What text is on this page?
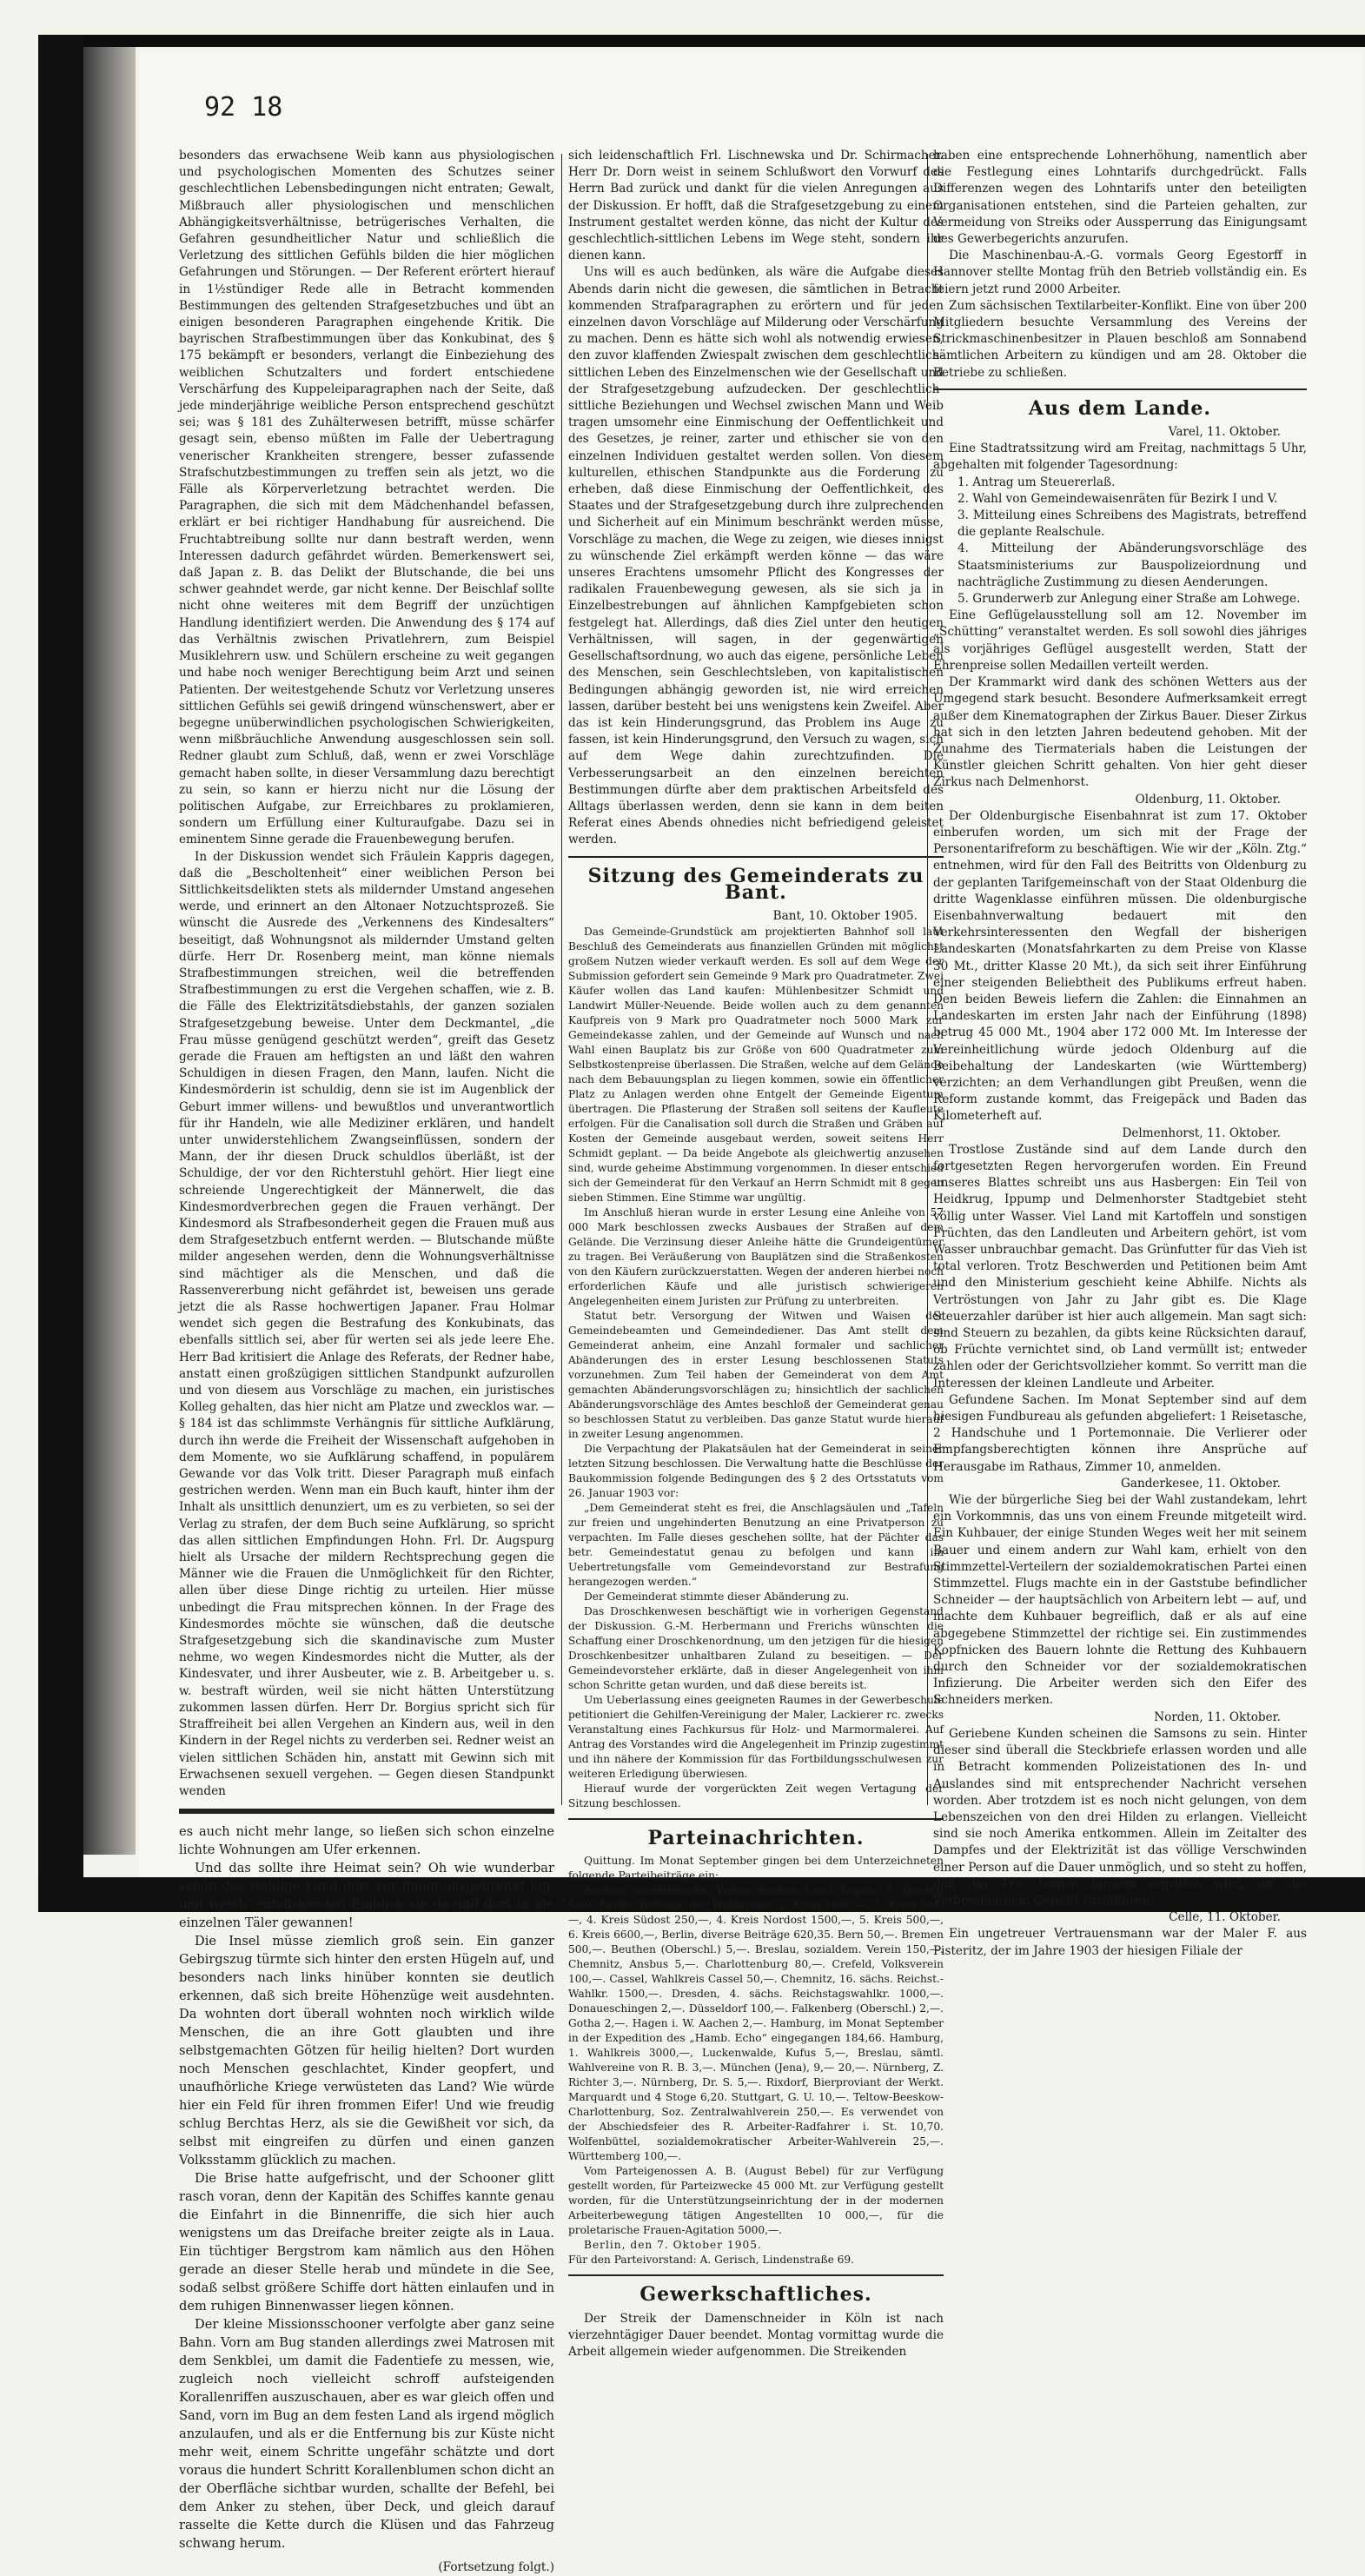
92 18

besonders das erwachsene Weib kann aus physiologischen und psychologischen Momenten des Schutzes seiner geschlechtlichen Lebensbedingungen nicht entraten; Gewalt, Mißbrauch aller physiologischen und menschlichen Abhängigkeitsverhältnisse, betrügerisches Verhalten, die Gefahren gesundheitlicher Natur und schließlich die Verletzung des sittlichen Gefühls bilden die hier möglichen Gefahrungen und Störungen. — Der Referent erörtert hierauf in 1½stündiger Rede alle in Betracht kommenden Bestimmungen des geltenden Strafgesetzbuches und übt an einigen besonderen Paragraphen eingehende Kritik. Die bayrischen Strafbestimmungen über das Konkubinat, des § 175 bekämpft er besonders, verlangt die Einbeziehung des weiblichen Schutzalters und fordert entschiedene Verschärfung des Kuppeleiparagraphen nach der Seite, daß jede minderjährige weibliche Person entsprechend geschützt sei; was § 181 des Zuhälterwesen betrifft, müsse schärfer gesagt sein, ebenso müßten im Falle der Uebertragung venerischer Krankheiten strengere, besser zufassende Strafschutzbestimmungen zu treffen sein als jetzt, wo die Fälle als Körperverletzung betrachtet werden. Die Paragraphen, die sich mit dem Mädchenhandel befassen, erklärt er bei richtiger Handhabung für ausreichend. Die Fruchtabtreibung sollte nur dann bestraft werden, wenn Interessen dadurch gefährdet würden. Bemerkenswert sei, daß Japan z. B. das Delikt der Blutschande, die bei uns schwer geahndet werde, gar nicht kenne. Der Beischlaf sollte nicht ohne weiteres mit dem Begriff der unzüchtigen Handlung identifiziert werden. Die Anwendung des § 174 auf das Verhältnis zwischen Privatlehrern, zum Beispiel Musiklehrern usw. und Schülern erscheine zu weit gegangen und habe noch weniger Berechtigung beim Arzt und seinen Patienten. Der weitestgehende Schutz vor Verletzung unseres sittlichen Gefühls sei gewiß dringend wünschenswert, aber er begegne unüberwindlichen psychologischen Schwierigkeiten, wenn mißbräuchliche Anwendung ausgeschlossen sein soll. Redner glaubt zum Schluß, daß, wenn er zwei Vorschläge gemacht haben sollte, in dieser Versammlung dazu berechtigt zu sein, so kann er hierzu nicht nur die Lösung der politischen Aufgabe, zur Erreichbares zu proklamieren, sondern um Erfüllung einer Kulturaufgabe. Dazu sei in eminentem Sinne gerade die Frauenbewegung berufen.

In der Diskussion wendet sich Fräulein Kappris dagegen, daß die „Bescholtenheit“ einer weiblichen Person bei Sittlichkeitsdelikten stets als mildernder Umstand angesehen werde, und erinnert an den Altonaer Notzuchtsprozeß. Sie wünscht die Ausrede des „Verkennens des Kindesalters“ beseitigt, daß Wohnungsnot als mildernder Umstand gelten dürfe. Herr Dr. Rosenberg meint, man könne niemals Strafbestimmungen streichen, weil die betreffenden Strafbestimmungen zu erst die Vergehen schaffen, wie z. B. die Fälle des Elektrizitätsdiebstahls, der ganzen sozialen Strafgesetzgebung beweise. Unter dem Deckmantel, „die Frau müsse genügend geschützt werden“, greift das Gesetz gerade die Frauen am heftigsten an und läßt den wahren Schuldigen in diesen Fragen, den Mann, laufen. Nicht die Kindesmörderin ist schuldig, denn sie ist im Augenblick der Geburt immer willens- und bewußtlos und unverantwortlich für ihr Handeln, wie alle Mediziner erklären, und handelt unter unwiderstehlichem Zwangseinflüssen, sondern der Mann, der ihr diesen Druck schuldlos überläßt, ist der Schuldige, der vor den Richterstuhl gehört. Hier liegt eine schreiende Ungerechtigkeit der Männerwelt, die das Kindesmordverbrechen gegen die Frauen verhängt. Der Kindesmord als Strafbesonderheit gegen die Frauen muß aus dem Strafgesetzbuch entfernt werden. — Blutschande müßte milder angesehen werden, denn die Wohnungsverhältnisse sind mächtiger als die Menschen, und daß die Rassenvererbung nicht gefährdet ist, beweisen uns gerade jetzt die als Rasse hochwertigen Japaner. Frau Holmar wendet sich gegen die Bestrafung des Konkubinats, das ebenfalls sittlich sei, aber für werten sei als jede leere Ehe. Herr Bad kritisiert die Anlage des Referats, der Redner habe, anstatt einen großzügigen sittlichen Standpunkt aufzurollen und von diesem aus Vorschläge zu machen, ein juristisches Kolleg gehalten, das hier nicht am Platze und zwecklos war. — § 184 ist das schlimmste Verhängnis für sittliche Aufklärung, durch ihn werde die Freiheit der Wissenschaft aufgehoben in dem Momente, wo sie Aufklärung schaffend, in populärem Gewande vor das Volk tritt. Dieser Paragraph muß einfach gestrichen werden. Wenn man ein Buch kauft, hinter ihm der Inhalt als unsittlich denunziert, um es zu verbieten, so sei der Verlag zu strafen, der dem Buch seine Aufklärung, so spricht das allen sittlichen Empfindungen Hohn. Frl. Dr. Augspurg hielt als Ursache der mildern Rechtsprechung gegen die Männer wie die Frauen die Unmöglichkeit für den Richter, allen über diese Dinge richtig zu urteilen. Hier müsse unbedingt die Frau mitsprechen können. In der Frage des Kindesmordes möchte sie wünschen, daß die deutsche Strafgesetzgebung sich die skandinavische zum Muster nehme, wo wegen Kindesmordes nicht die Mutter, als der Kindesvater, und ihrer Ausbeuter, wie z. B. Arbeitgeber u. s. w. bestraft würden, weil sie nicht hätten Unterstützung zukommen lassen dürfen. Herr Dr. Borgius spricht sich für Straffreiheit bei allen Vergehen an Kindern aus, weil in den Kindern in der Regel nichts zu verderben sei. Redner weist an vielen sittlichen Schäden hin, anstatt mit Gewinn sich mit Erwachsenen sexuell vergehen. — Gegen diesen Standpunkt wenden

es auch nicht mehr lange, so ließen sich schon einzelne lichte Wohnungen am Ufer erkennen.

Und das sollte ihre Heimat sein? Oh wie wunderbar schön das waldige Land dort vor ihnen ausgebreitet lag, und welch' entzückenden Einblick sie da und dort in die einzelnen Täler gewannen!

Die Insel müsse ziemlich groß sein. Ein ganzer Gebirgszug türmte sich hinter den ersten Hügeln auf, und besonders nach links hinüber konnten sie deutlich erkennen, daß sich breite Höhenzüge weit ausdehnten. Da wohnten dort überall wohnten noch wirklich wilde Menschen, die an ihre Gott glaubten und ihre selbstgemachten Götzen für heilig hielten? Dort wurden noch Menschen geschlachtet, Kinder geopfert, und unaufhörliche Kriege verwüsteten das Land? Wie würde hier ein Feld für ihren frommen Eifer! Und wie freudig schlug Berchtas Herz, als sie die Gewißheit vor sich, da selbst mit eingreifen zu dürfen und einen ganzen Volksstamm glücklich zu machen.

Die Brise hatte aufgefrischt, und der Schooner glitt rasch voran, denn der Kapitän des Schiffes kannte genau die Einfahrt in die Binnenriffe, die sich hier auch wenigstens um das Dreifache breiter zeigte als in Laua. Ein tüchtiger Bergstrom kam nämlich aus den Höhen gerade an dieser Stelle herab und mündete in die See, sodaß selbst größere Schiffe dort hätten einlaufen und in dem ruhigen Binnenwasser liegen können.

Der kleine Missionsschooner verfolgte aber ganz seine Bahn. Vorn am Bug standen allerdings zwei Matrosen mit dem Senkblei, um damit die Fadentiefe zu messen, wie, zugleich noch vielleicht schroff aufsteigenden Korallenriffen auszuschauen, aber es war gleich offen und Sand, vorn im Bug an dem festen Land als irgend möglich anzulaufen, und als er die Entfernung bis zur Küste nicht mehr weit, einem Schritte ungefähr schätzte und dort voraus die hundert Schritt Korallenblumen schon dicht an der Oberfläche sichtbar wurden, schallte der Befehl, bei dem Anker zu stehen, über Deck, und gleich darauf rasselte die Kette durch die Klüsen und das Fahrzeug schwang herum.

(Fortsetzung folgt.)

sich leidenschaftlich Frl. Lischnewska und Dr. Schirmacher. Herr Dr. Dorn weist in seinem Schlußwort den Vorwurf des Herrn Bad zurück und dankt für die vielen Anregungen aus der Diskussion. Er hofft, daß die Strafgesetzgebung zu einem Instrument gestaltet werden könne, das nicht der Kultur des geschlechtlich-sittlichen Lebens im Wege steht, sondern ihr dienen kann.

Uns will es auch bedünken, als wäre die Aufgabe dieses Abends darin nicht die gewesen, die sämtlichen in Betracht kommenden Strafparagraphen zu erörtern und für jeden einzelnen davon Vorschläge auf Milderung oder Verschärfung zu machen. Denn es hätte sich wohl als notwendig erwiesen, den zuvor klaffenden Zwiespalt zwischen dem geschlechtlich-sittlichen Leben des Einzelmenschen wie der Gesellschaft und der Strafgesetzgebung aufzudecken. Der geschlechtlich-sittliche Beziehungen und Wechsel zwischen Mann und Weib tragen umsomehr eine Einmischung der Oeffentlichkeit und des Gesetzes, je reiner, zarter und ethischer sie von den einzelnen Individuen gestaltet werden sollen. Von diesem kulturellen, ethischen Standpunkte aus die Forderung zu erheben, daß diese Einmischung der Oeffentlichkeit, des Staates und der Strafgesetzgebung durch ihre zulprechenden und Sicherheit auf ein Minimum beschränkt werden müsse, Vorschläge zu machen, die Wege zu zeigen, wie dieses innigst zu wünschende Ziel erkämpft werden könne — das wäre unseres Erachtens umsomehr Pflicht des Kongresses der radikalen Frauenbewegung gewesen, als sie sich ja in Einzelbestrebungen auf ähnlichen Kampfgebieten schon festgelegt hat. Allerdings, daß dies Ziel unter den heutigen Verhältnissen, will sagen, in der gegenwärtigen Gesellschaftsordnung, wo auch das eigene, persönliche Leben des Menschen, sein Geschlechtsleben, von kapitalistischen Bedingungen abhängig geworden ist, nie wird erreichen lassen, darüber besteht bei uns wenigstens kein Zweifel. Aber das ist kein Hinderungsgrund, das Problem ins Auge zu fassen, ist kein Hinderungsgrund, den Versuch zu wagen, sich auf dem Wege dahin zurechtzufinden. Die Verbesserungsarbeit an den einzelnen bereichten Bestimmungen dürfte aber dem praktischen Arbeitsfeld des Alltags überlassen werden, denn sie kann in dem beiten Referat eines Abends ohnedies nicht befriedigend geleistet werden.

Sitzung des Gemeinderats zu Bant.
Bant, 10. Oktober 1905.

Das Gemeinde-Grundstück am projektierten Bahnhof soll laut Beschluß des Gemeinderats aus finanziellen Gründen mit möglichst großem Nutzen wieder verkauft werden. Es soll auf dem Wege der Submission gefordert sein Gemeinde 9 Mark pro Quadratmeter. Zwei Käufer wollen das Land kaufen: Mühlenbesitzer Schmidt und Landwirt Müller-Neuende. Beide wollen auch zu dem genannten Kaufpreis von 9 Mark pro Quadratmeter noch 5000 Mark zur Gemeindekasse zahlen, und der Gemeinde auf Wunsch und nach Wahl einen Bauplatz bis zur Größe von 600 Quadratmeter zum Selbstkostenpreise überlassen. Die Straßen, welche auf dem Gelände nach dem Bebauungsplan zu liegen kommen, sowie ein öffentlicher Platz zu Anlagen werden ohne Entgelt der Gemeinde Eigentum übertragen. Die Pflasterung der Straßen soll seitens der Kaufleute erfolgen. Für die Canalisation soll durch die Straßen und Gräben auf Kosten der Gemeinde ausgebaut werden, soweit seitens Herr Schmidt geplant. — Da beide Angebote als gleichwertig anzusehen sind, wurde geheime Abstimmung vorgenommen. In dieser entschied sich der Gemeinderat für den Verkauf an Herrn Schmidt mit 8 gegen sieben Stimmen. Eine Stimme war ungültig.

Im Anschluß hieran wurde in erster Lesung eine Anleihe von 57 000 Mark beschlossen zwecks Ausbaues der Straßen auf dem Gelände. Die Verzinsung dieser Anleihe hätte die Grundeigentümer zu tragen. Bei Veräußerung von Bauplätzen sind die Straßenkosten von den Käufern zurückzuerstatten. Wegen der anderen hierbei noch erforderlichen Käufe und alle juristisch schwierigeren Angelegenheiten einem Juristen zur Prüfung zu unterbreiten.

Statut betr. Versorgung der Witwen und Waisen der Gemeindebeamten und Gemeindediener. Das Amt stellt dem Gemeinderat anheim, eine Anzahl formaler und sachlicher Abänderungen des in erster Lesung beschlossenen Statuts vorzunehmen. Zum Teil haben der Gemeinderat von dem Amt gemachten Abänderungsvorschlägen zu; hinsichtlich der sachlichen Abänderungsvorschläge des Amtes beschloß der Gemeinderat genau so beschlossen Statut zu verbleiben. Das ganze Statut wurde hierauf in zweiter Lesung angenommen.

Die Verpachtung der Plakatsäulen hat der Gemeinderat in seiner letzten Sitzung beschlossen. Die Verwaltung hatte die Beschlüsse der Baukommission folgende Bedingungen des § 2 des Ortsstatuts vom 26. Januar 1903 vor:

„Dem Gemeinderat steht es frei, die Anschlagsäulen und „Tafeln zur freien und ungehinderten Benutzung an eine Privatperson zu verpachten. Im Falle dieses geschehen sollte, hat der Pächter das betr. Gemeindestatut genau zu befolgen und kann im Uebertretungsfalle vom Gemeindevorstand zur Bestrafung herangezogen werden.“

Der Gemeinderat stimmte dieser Abänderung zu.

Das Droschkenwesen beschäftigt wie in vorherigen Gegenstand der Diskussion. G.-M. Herbermann und Frerichs wünschten die Schaffung einer Droschkenordnung, um den jetzigen für die hiesigen Droschkenbesitzer unhaltbaren Zuland zu beseitigen. — Der Gemeindevorsteher erklärte, daß in dieser Angelegenheit von ihm schon Schritte getan wurden, und daß diese bereits ist.

Um Ueberlassung eines geeigneten Raumes in der Gewerbeschule petitioniert die Gehilfen-Vereinigung der Maler, Lackierer rc. zwecks Veranstaltung eines Fachkursus für Holz- und Marmormalerei. Auf Antrag des Vorstandes wird die Angelegenheit im Prinzip zugestimmt und ihn nähere der Kommission für das Fortbildungsschulwesen zur weiteren Erledigung überwiesen.

Hierauf wurde der vorgerückten Zeit wegen Vertagung der Sitzung beschlossen.

Parteinachrichten.

Quittung. Im Monat September gingen bei dem Unterzeichneten folgende Parteibeiträge ein:

Aachen, sozialdemokr. Verein Aachen Land Eupen, 3. Quartal 6,60. Berlin, Beiträge der Wahlkreise: 2. Kreis 1600,—, 3. Kreis 500,—, 4. Kreis Südost 250,—, 4. Kreis Nordost 1500,—, 5. Kreis 500,—, 6. Kreis 6600,—, Berlin, diverse Beiträge 620,35. Bern 50,—. Bremen 500,—. Beuthen (Oberschl.) 5,—. Breslau, sozialdem. Verein 150,—. Chemnitz, Ansbus 5,—. Charlottenburg 80,—. Crefeld, Volksverein 100,—. Cassel, Wahlkreis Cassel 50,—. Chemnitz, 16. sächs. Reichst.-Wahlkr. 1500,—. Dresden, 4. sächs. Reichstagswahlkr. 1000,—. Donaueschingen 2,—. Düsseldorf 100,—. Falkenberg (Oberschl.) 2,—. Gotha 2,—. Hagen i. W. Aachen 2,—. Hamburg, im Monat September in der Expedition des „Hamb. Echo“ eingegangen 184,66. Hamburg, 1. Wahlkreis 3000,—, Luckenwalde, Kufus 5,—, Breslau, sämtl. Wahlvereine von R. B. 3,—. München (Jena), 9,— 20,—. Nürnberg, Z. Richter 3,—. Nürnberg, Dr. S. 5,—. Rixdorf, Bierproviant der Werkt. Marquardt und 4 Stoge 6,20. Stuttgart, G. U. 10,—. Teltow-Beeskow-Charlottenburg, Soz. Zentralwahlverein 250,—. Es verwendet von der Abschiedsfeier des R. Arbeiter-Radfahrer i. St. 10,70. Wolfenbüttel, sozialdemokratischer Arbeiter-Wahlverein 25,—. Württemberg 100,—.

Vom Parteigenossen A. B. (August Bebel) für zur Verfügung gestellt worden, für Parteizwecke 45 000 Mt. zur Verfügung gestellt worden, für die Unterstützungseinrichtung der in der modernen Arbeiterbewegung tätigen Angestellten 10 000,—, für die proletarische Frauen-Agitation 5000,—.

Berlin, den 7. Oktober 1905.

Für den Parteivorstand: A. Gerisch, Lindenstraße 69.

Gewerkschaftliches.

Der Streik der Damenschneider in Köln ist nach vierzehntägiger Dauer beendet. Montag vormittag wurde die Arbeit allgemein wieder aufgenommen. Die Streikenden

haben eine entsprechende Lohnerhöhung, namentlich aber die Festlegung eines Lohntarifs durchgedrückt. Falls Differenzen wegen des Lohntarifs unter den beteiligten Organisationen entstehen, sind die Parteien gehalten, zur Vermeidung von Streiks oder Aussperrung das Einigungsamt des Gewerbegerichts anzurufen.

Die Maschinenbau-A.-G. vormals Georg Egestorff in Hannover stellte Montag früh den Betrieb vollständig ein. Es feiern jetzt rund 2000 Arbeiter.

Zum sächsischen Textilarbeiter-Konflikt. Eine von über 200 Mitgliedern besuchte Versammlung des Vereins der Strickmaschinenbesitzer in Plauen beschloß am Sonnabend sämtlichen Arbeitern zu kündigen und am 28. Oktober die Betriebe zu schließen.

Aus dem Lande.
Varel, 11. Oktober.

Eine Stadtratssitzung wird am Freitag, nachmittags 5 Uhr, abgehalten mit folgender Tagesordnung:

1. Antrag um Steuererlaß.
2. Wahl von Gemeindewaisenräten für Bezirk I und V.
3. Mitteilung eines Schreibens des Magistrats, betreffend die geplante Realschule.
4. Mitteilung der Abänderungsvorschläge des Staatsministeriums zur Bauspolizeiordnung und nachträgliche Zustimmung zu diesen Aenderungen.
5. Grunderwerb zur Anlegung einer Straße am Lohwege.

Eine Geflügelausstellung soll am 12. November im „Schütting“ veranstaltet werden. Es soll sowohl dies jähriges als vorjähriges Geflügel ausgestellt werden, Statt der Ehrenpreise sollen Medaillen verteilt werden.

Der Krammarkt wird dank des schönen Wetters aus der Umgegend stark besucht. Besondere Aufmerksamkeit erregt außer dem Kinematographen der Zirkus Bauer. Dieser Zirkus hat sich in den letzten Jahren bedeutend gehoben. Mit der Zunahme des Tiermaterials haben die Leistungen der Künstler gleichen Schritt gehalten. Von hier geht dieser Zirkus nach Delmenhorst.

Oldenburg, 11. Oktober.

Der Oldenburgische Eisenbahnrat ist zum 17. Oktober einberufen worden, um sich mit der Frage der Personentarifreform zu beschäftigen. Wie wir der „Köln. Ztg.“ entnehmen, wird für den Fall des Beitritts von Oldenburg zu der geplanten Tarifgemeinschaft von der Staat Oldenburg die dritte Wagenklasse einführen müssen. Die oldenburgische Eisenbahnverwaltung bedauert mit den Verkehrsinteressenten den Wegfall der bisherigen Landeskarten (Monatsfahrkarten zu dem Preise von Klasse 30 Mt., dritter Klasse 20 Mt.), da sich seit ihrer Einführung einer steigenden Beliebtheit des Publikums erfreut haben. Den beiden Beweis liefern die Zahlen: die Einnahmen an Landeskarten im ersten Jahr nach der Einführung (1898) betrug 45 000 Mt., 1904 aber 172 000 Mt. Im Interesse der Vereinheitlichung würde jedoch Oldenburg auf die Beibehaltung der Landeskarten (wie Württemberg) verzichten; an dem Verhandlungen gibt Preußen, wenn die Reform zustande kommt, das Freigepäck und Baden das Kilometerheft auf.

Delmenhorst, 11. Oktober.

Trostlose Zustände sind auf dem Lande durch den fortgesetzten Regen hervorgerufen worden. Ein Freund unseres Blattes schreibt uns aus Hasbergen: Ein Teil von Heidkrug, Ippump und Delmenhorster Stadtgebiet steht völlig unter Wasser. Viel Land mit Kartoffeln und sonstigen Früchten, das den Landleuten und Arbeitern gehört, ist vom Wasser unbrauchbar gemacht. Das Grünfutter für das Vieh ist total verloren. Trotz Beschwerden und Petitionen beim Amt und den Ministerium geschieht keine Abhilfe. Nichts als Vertröstungen von Jahr zu Jahr gibt es. Die Klage Steuerzahler darüber ist hier auch allgemein. Man sagt sich: sind Steuern zu bezahlen, da gibts keine Rücksichten darauf, ob Früchte vernichtet sind, ob Land vermüllt ist; entweder zahlen oder der Gerichtsvollzieher kommt. So verritt man die Interessen der kleinen Landleute und Arbeiter.

Gefundene Sachen. Im Monat September sind auf dem hiesigen Fundbureau als gefunden abgeliefert: 1 Reisetasche, 2 Handschuhe und 1 Portemonnaie. Die Verlierer oder Empfangsberechtigten können ihre Ansprüche auf Herausgabe im Rathaus, Zimmer 10, anmelden.

Ganderkesee, 11. Oktober.

Wie der bürgerliche Sieg bei der Wahl zustandekam, lehrt ein Vorkommnis, das uns von einem Freunde mitgeteilt wird. Ein Kuhbauer, der einige Stunden Weges weit her mit seinem Bauer und einem andern zur Wahl kam, erhielt von den Stimmzettel-Verteilern der sozialdemokratischen Partei einen Stimmzettel. Flugs machte ein in der Gaststube befindlicher Schneider — der hauptsächlich von Arbeitern lebt — auf, und machte dem Kuhbauer begreiflich, daß er als auf eine abgegebene Stimmzettel der richtige sei. Ein zustimmendes Kopfnicken des Bauern lohnte die Rettung des Kuhbauern durch den Schneider vor der sozialdemokratischen Infizierung. Die Arbeiter werden sich den Eifer des Schneiders merken.

Norden, 11. Oktober.

Geriebene Kunden scheinen die Samsons zu sein. Hinter dieser sind überall die Steckbriefe erlassen worden und alle in Betracht kommenden Polizeistationen des In- und Auslandes sind mit entsprechender Nachricht versehen worden. Aber trotzdem ist es noch nicht gelungen, von dem Lebenszeichen von den drei Hilden zu erlangen. Vielleicht sind sie noch Amerika entkommen. Allein im Zeitalter des Dampfes und der Elektrizität ist das völlige Verschwinden einer Person auf die Dauer unmöglich, und so steht zu hoffen, daß das Trio binnen kurzem ergriffen wird, um die Verbrecher dem Gericht zuzuführen.

Celle, 11. Oktober.

Ein ungetreuer Vertrauensmann war der Maler F. aus Pisteritz, der im Jahre 1903 der hiesigen Filiale der
